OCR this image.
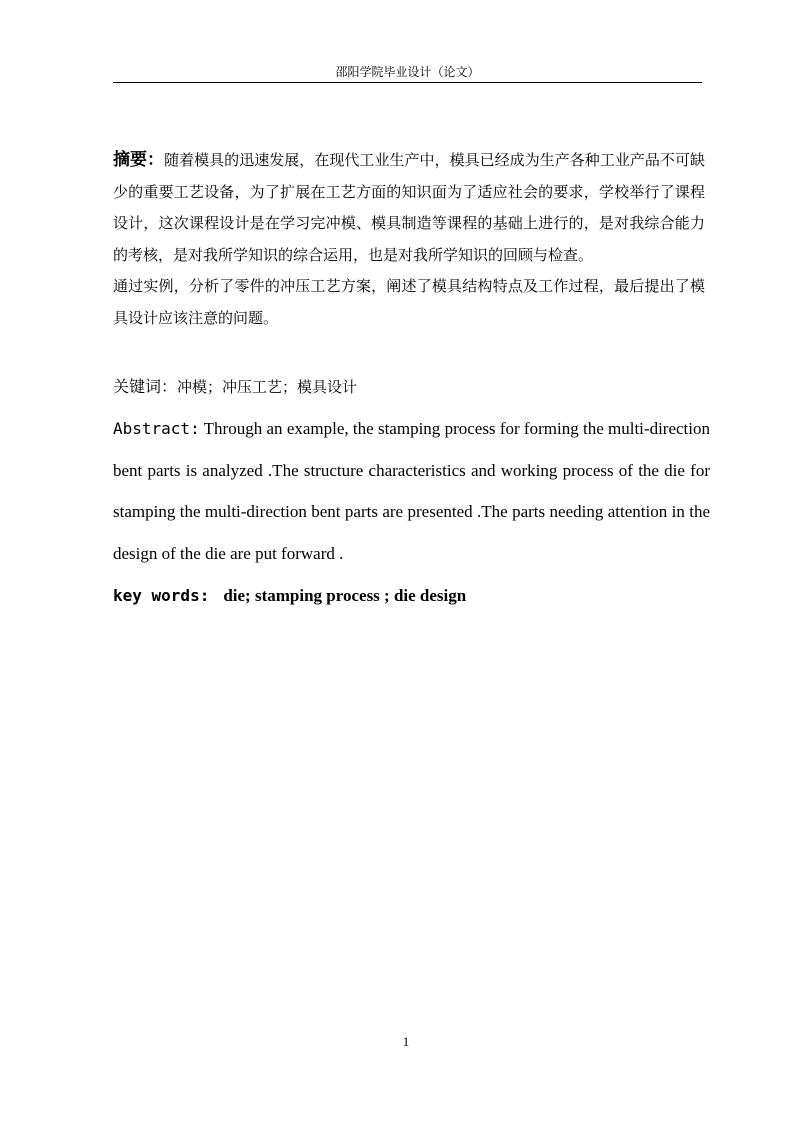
邵阳学院毕业设计（论文）

摘要：随着模具的迅速发展，在现代工业生产中，模具已经成为生产各种工业产品不可缺少的重要工艺设备，为了扩展在工艺方面的知识面为了适应社会的要求，学校举行了课程设计，这次课程设计是在学习完冲模、模具制造等课程的基础上进行的，是对我综合能力的考核，是对我所学知识的综合运用，也是对我所学知识的回顾与检查。

通过实例，分析了零件的冲压工艺方案，阐述了模具结构特点及工作过程，最后提出了模具设计应该注意的问题。

关键词：冲模；冲压工艺；模具设计
Abstract: Through an example, the stamping process for forming the multi-direction bent parts is analyzed .The structure characteristics and working process of the die for stamping the multi-direction bent parts are presented .The parts needing attention in the design of the die are put forward .
key words: die; stamping process ; die design
1
